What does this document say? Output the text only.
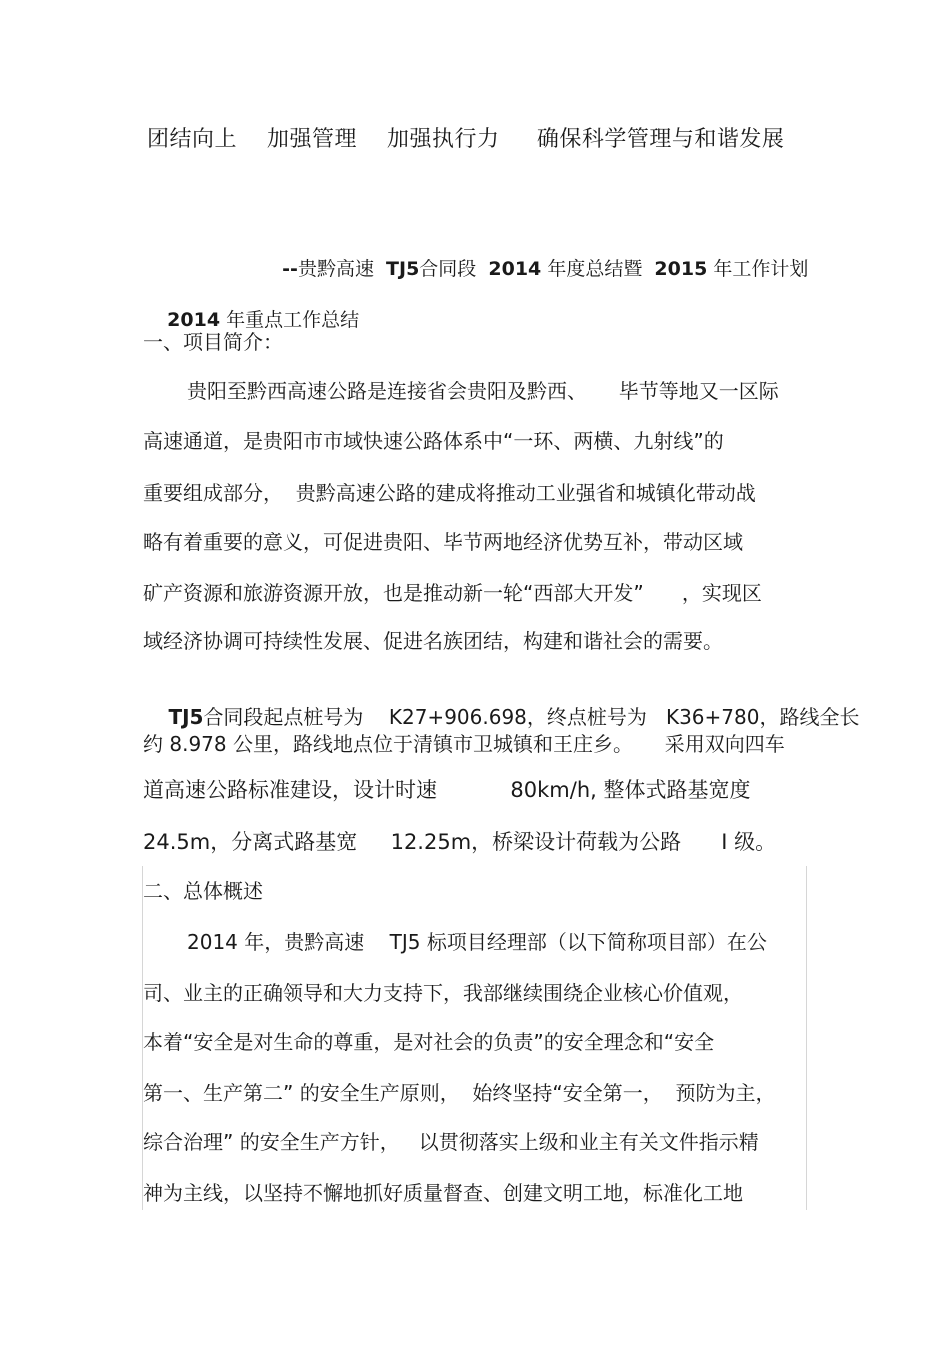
团结向上    加强管理    加强执行力     确保科学管理与和谐发展

--贵黔高速  TJ5合同段  2014 年度总结暨  2015 年工作计划

2014 年重点工作总结

一、项目简介：
贵阳至黔西高速公路是连接省会贵阳及黔西、     毕节等地又一区际
高速通道，是贵阳市市域快速公路体系中“一环、两横、九射线”的
重要组成部分，  贵黔高速公路的建成将推动工业强省和城镇化带动战
略有着重要的意义，可促进贵阳、毕节两地经济优势互补，带动区域
矿产资源和旅游资源开放，也是推动新一轮“西部大开发”      ，实现区
域经济协调可持续性发展、促进名族团结，构建和谐社会的需要。

TJ5合同段起点桩号为    K27+906.698，终点桩号为   K36+780，路线全长

约 8.978 公里，路线地点位于清镇市卫城镇和王庄乡。     采用双向四车
道高速公路标准建设，设计时速           80km/h, 整体式路基宽度
24.5m，分离式路基宽     12.25m，桥梁设计荷载为公路      I 级。
二、总体概述
2014 年，贵黔高速    TJ5 标项目经理部（以下简称项目部）在公
司、业主的正确领导和大力支持下，我部继续围绕企业核心价值观，
本着“安全是对生命的尊重，是对社会的负责”的安全理念和“安全
第一、生产第二” 的安全生产原则，  始终坚持“安全第一，  预防为主，
综合治理” 的安全生产方针，   以贯彻落实上级和业主有关文件指示精
神为主线，以坚持不懈地抓好质量督查、创建文明工地，标准化工地
